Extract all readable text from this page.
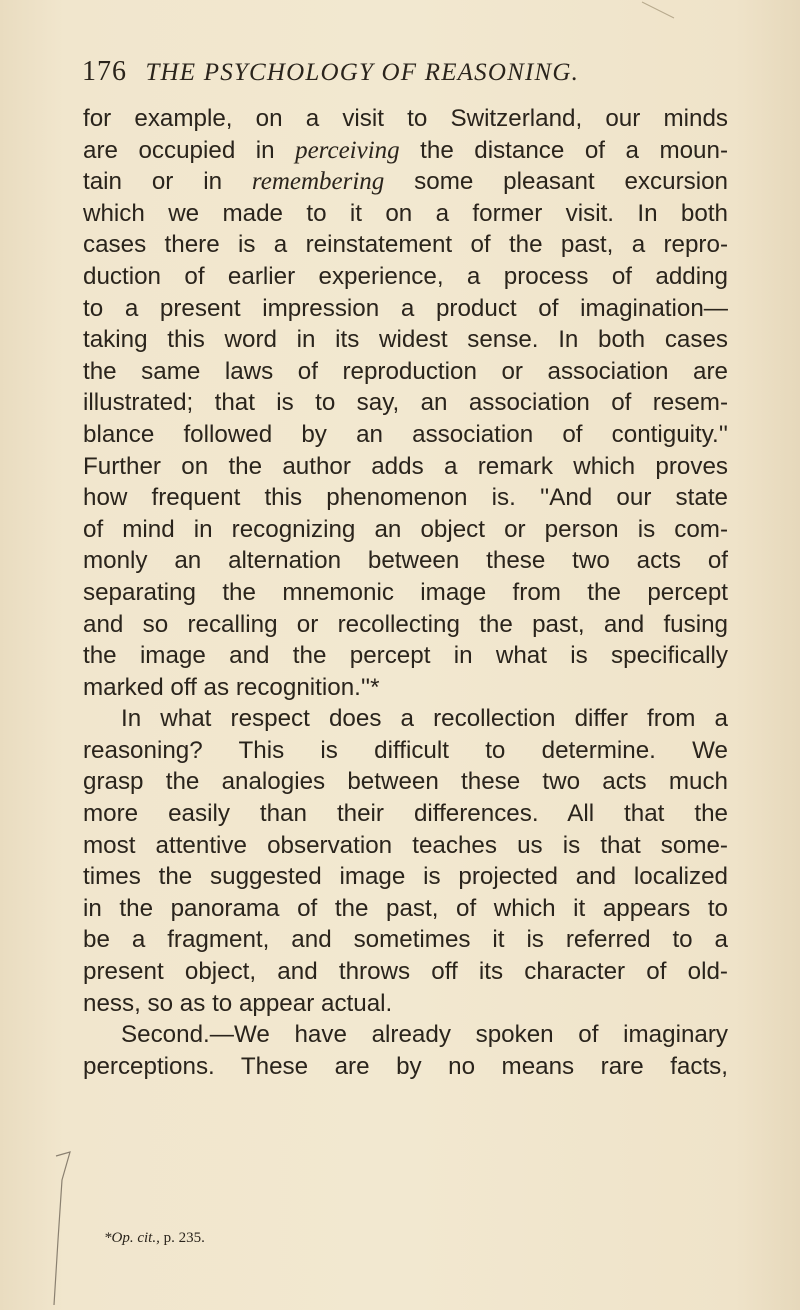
176 THE PSYCHOLOGY OF REASONING.
for example, on a visit to Switzerland, our minds
are occupied in perceiving the distance of a moun-
tain or in remembering some pleasant excursion
which we made to it on a former visit. In both
cases there is a reinstatement of the past, a repro-
duction of earlier experience, a process of adding
to a present impression a product of imagination—
taking this word in its widest sense. In both cases
the same laws of reproduction or association are
illustrated; that is to say, an association of resem-
blance followed by an association of contiguity.''
Further on the author adds a remark which proves
how frequent this phenomenon is. ''And our state
of mind in recognizing an object or person is com-
monly an alternation between these two acts of
separating the mnemonic image from the percept
and so recalling or recollecting the past, and fusing
the image and the percept in what is specifically
marked off as recognition.''*
In what respect does a recollection differ from a
reasoning? This is difficult to determine. We
grasp the analogies between these two acts much
more easily than their differences. All that the
most attentive observation teaches us is that some-
times the suggested image is projected and localized
in the panorama of the past, of which it appears to
be a fragment, and sometimes it is referred to a
present object, and throws off its character of old-
ness, so as to appear actual.
Second.—We have already spoken of imaginary
perceptions. These are by no means rare facts,
*Op. cit., p. 235.
